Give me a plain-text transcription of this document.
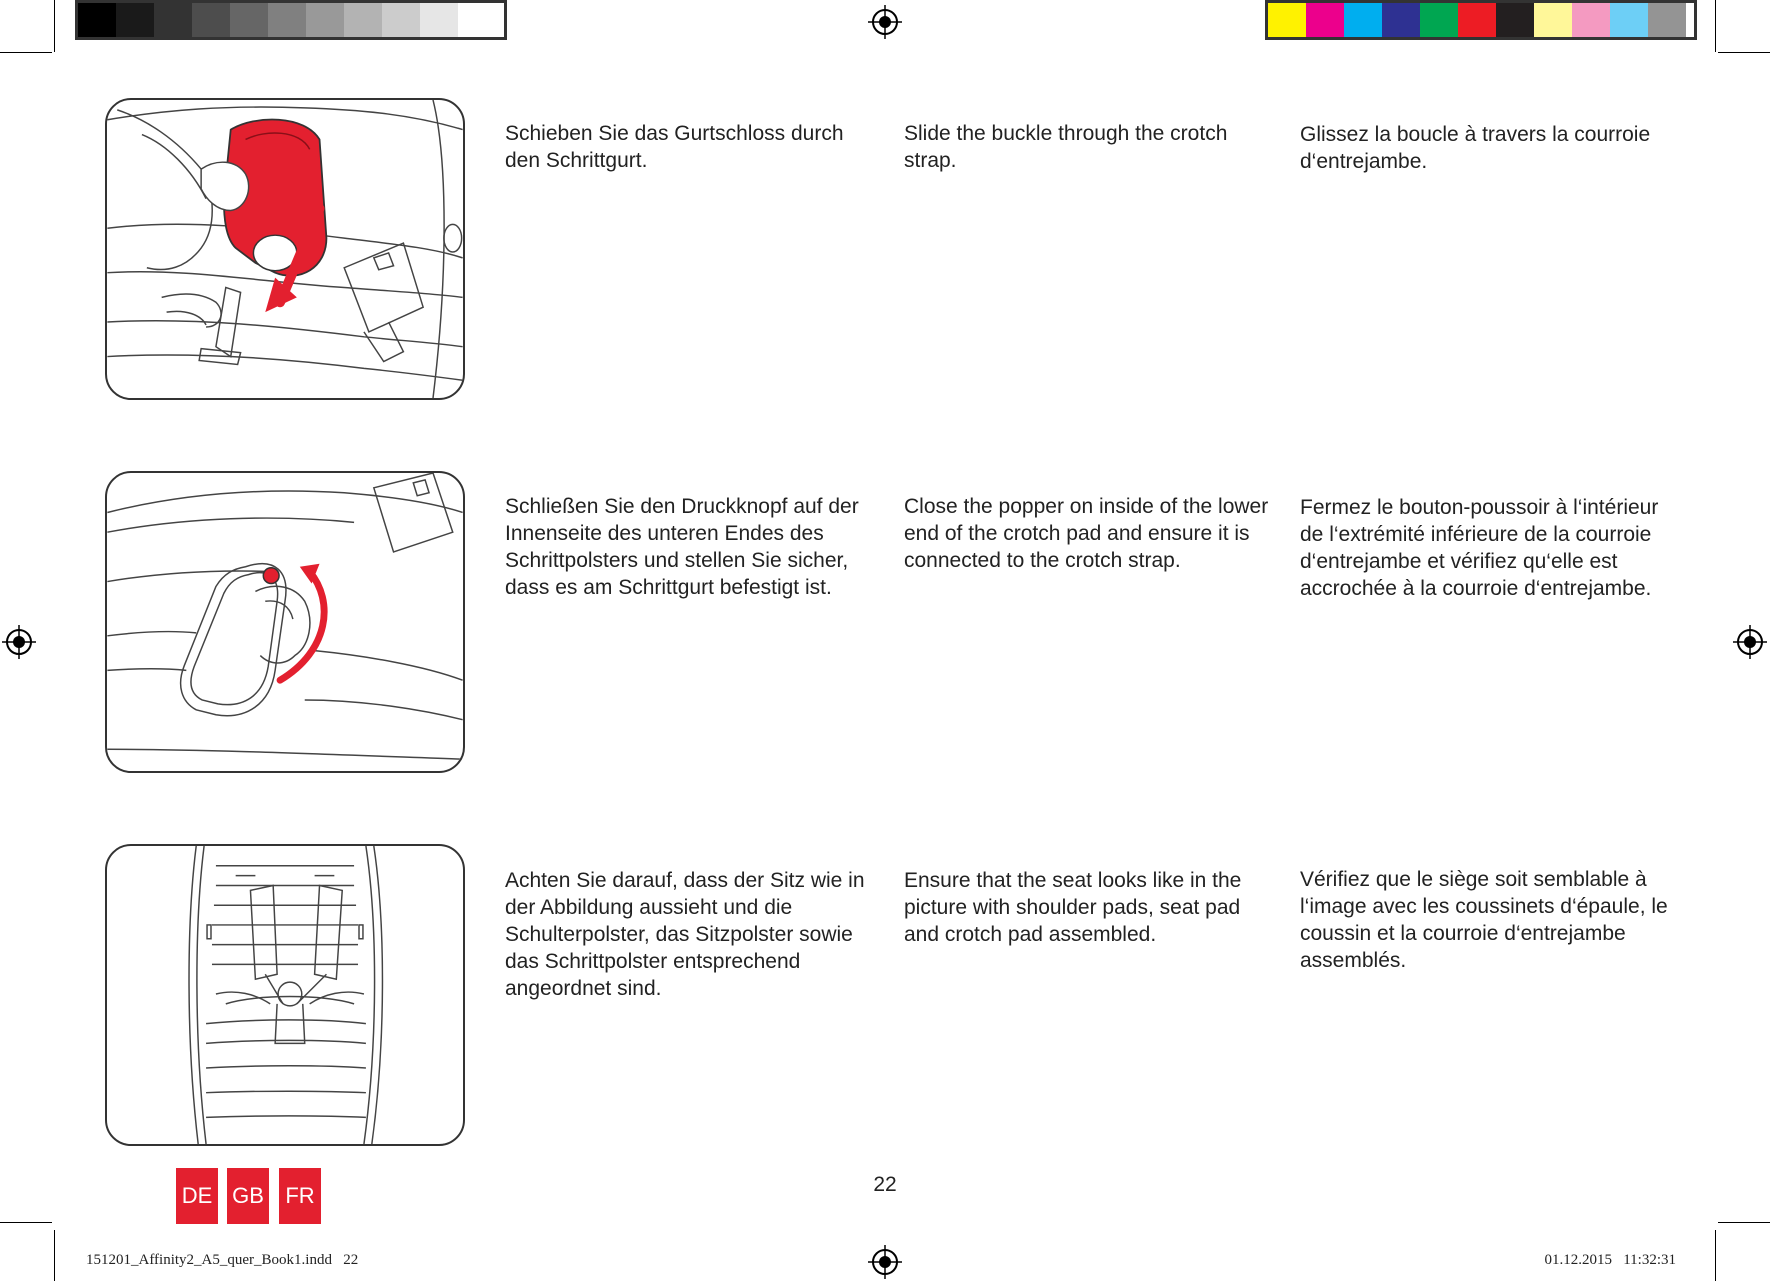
Schieben Sie das Gurtschloss durch den Schrittgurt.
Slide the buckle through the crotch strap.
Glissez la boucle à travers la courroie d‘entrejambe.
Schließen Sie den Druckknopf auf der Innenseite des unteren Endes des Schrittpolsters und stellen Sie sicher, dass es am Schrittgurt befestigt ist.
Close the popper on inside of the lower end of the crotch pad and ensure it is connected to the crotch strap.
Fermez le bouton-poussoir à l‘intérieur de l‘extrémité inférieure de la courroie d‘entrejambe et vérifiez qu‘elle est accrochée à la courroie d‘entrejambe.
Achten Sie darauf, dass der Sitz wie in der Abbildung aussieht und die Schulterpolster, das Sitzpolster sowie das Schrittpolster entsprechend angeordnet sind.
Ensure that the seat looks like in the picture with shoulder pads, seat pad and crotch pad assembled.
Vérifiez que le siège soit semblable à l‘image avec les coussinets d‘épaule, le coussin et la courroie d‘entrejambe assemblés.
DE GB FR	22
151201_Affinity2_A5_quer_Book1.indd   22	01.12.2015   11:32:31
